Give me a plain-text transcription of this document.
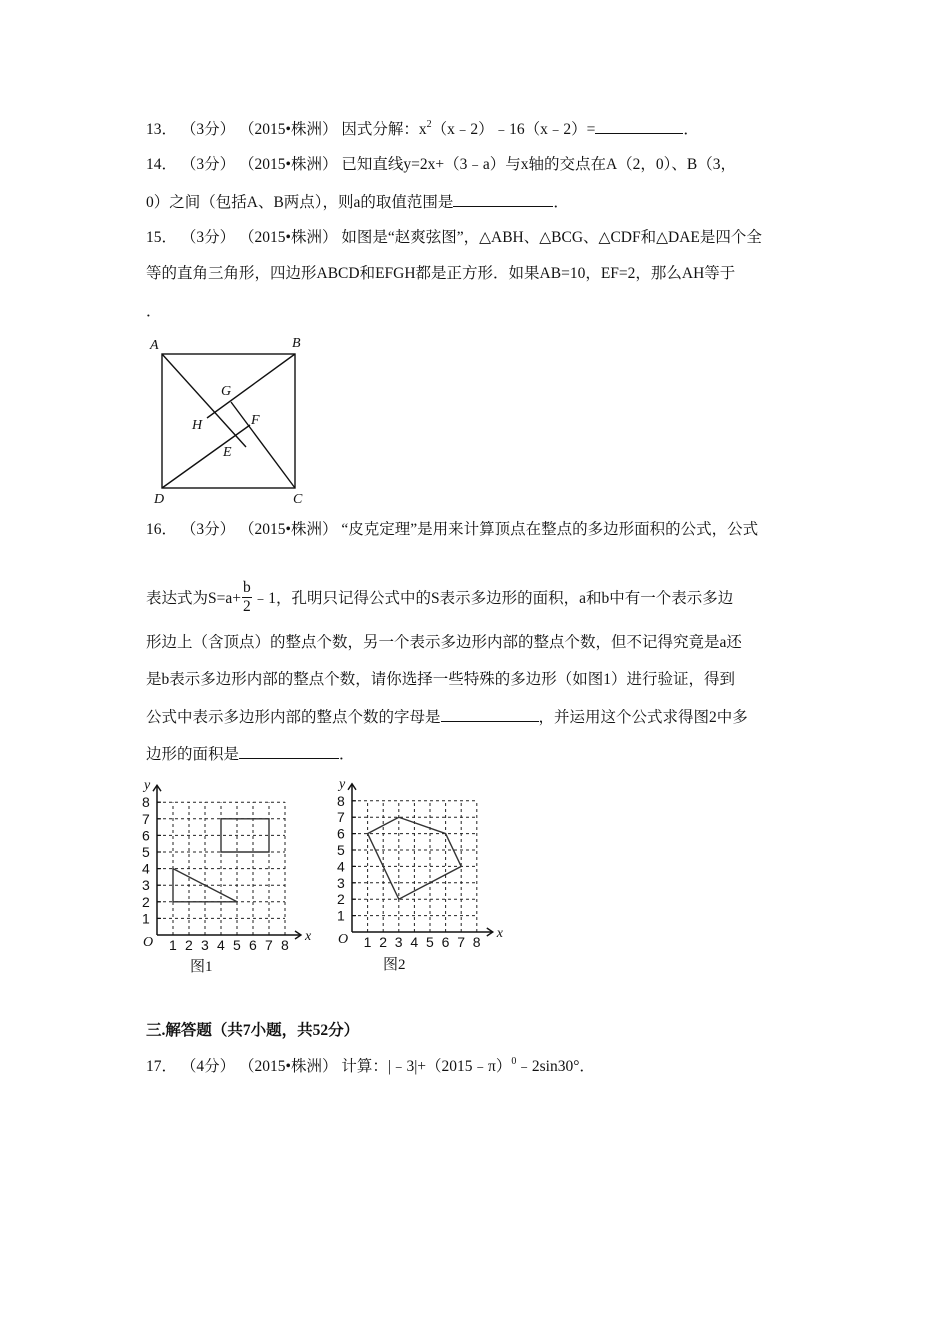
13． （3分） （2015•株洲） 因式分解：$x^2(x﹣2)﹣16(x﹣2)=$	．
14． （3分） （2015•株洲） 已知直线y=2x+（3﹣a）与x轴的交点在A（2，0）、B（3，
0）之间（包括A、B两点），则a的取值范围是	．
15． （3分） （2015•株洲） 如图是“赵爽弦图”，△ABH、△BCG、△CDF和△DAE是四个全
等的直角三角形，四边形ABCD和EFGH都是正方形．如果AB=10，EF=2，那么AH等于
．
A	B
C
D
E
F
G
H
16． （3分） （2015•株洲） “皮克定理”是用来计算顶点在整点的多边形面积的公式，公式
表达式为$S=a+ \frac{b}{2}$ ﹣1，孔明只记得公式中的S表示多边形的面积，a和b中有一个表示多边
形边上（含顶点）的整点个数，另一个表示多边形内部的整点个数，但不记得究竟是a还
是b表示多边形内部的整点个数，请你选择一些特殊的多边形（如图1）进行验证，得到
公式中表示多边形内部的整点个数的字母是	，并运用这个公式求得图2中多
边形的面积是	．
1
1
2
2
3
3
4
4
5
5
6
6
7
7
8
8
O	x
y
1
1
2
2
3
3
4
4
5
5
6
6
7
7
8
8
O	x
y
图1	图2
三.解答题（共7小题，共52分）
17． （4分） （2015•株洲） 计算：|﹣3|+（2015﹣π）$^0$﹣2sin30°．
